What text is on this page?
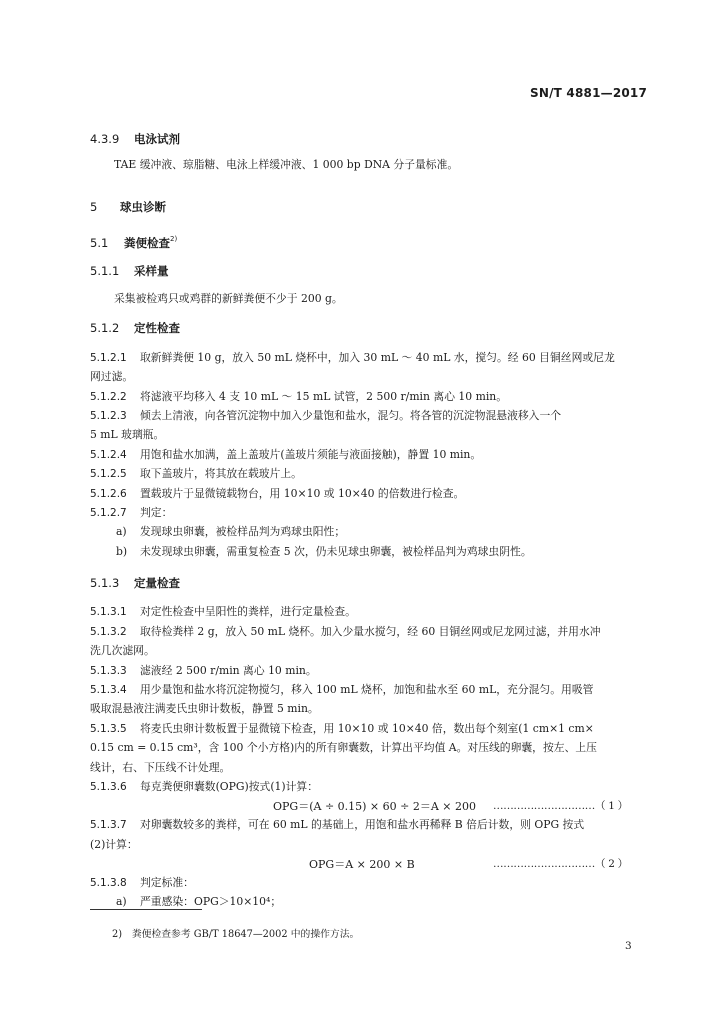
SN/T 4881—2017
4.3.9 电泳试剂
TAE 缓冲液、琼脂糖、电泳上样缓冲液、1 000 bp DNA 分子量标准。
5 球虫诊断
5.1 粪便检查$^{2)}$
5.1.1 采样量
采集被检鸡只或鸡群的新鲜粪便不少于 200 g。
5.1.2 定性检查
5.1.2.1 取新鲜粪便 10 g，放入 50 mL 烧杯中，加入 30 mL ～ 40 mL 水，搅匀。经 60 目铜丝网或尼龙
网过滤。
5.1.2.2 将滤液平均移入 4 支 10 mL ～ 15 mL 试管，2 500 r/min 离心 10 min。
5.1.2.3 倾去上清液，向各管沉淀物中加入少量饱和盐水，混匀。将各管的沉淀物混悬液移入一个
5 mL 玻璃瓶。
5.1.2.4 用饱和盐水加满，盖上盖玻片(盖玻片须能与液面接触)，静置 10 min。
5.1.2.5 取下盖玻片，将其放在载玻片上。
5.1.2.6 置载玻片于显微镜载物台，用 10×10 或 10×40 的倍数进行检查。
5.1.2.7 判定：
a) 发现球虫卵囊，被检样品判为鸡球虫阳性；
b) 未发现球虫卵囊，需重复检查 5 次，仍未见球虫卵囊，被检样品判为鸡球虫阴性。
5.1.3 定量检查
5.1.3.1 对定性检查中呈阳性的粪样，进行定量检查。
5.1.3.2 取待检粪样 2 g，放入 50 mL 烧杯。加入少量水搅匀，经 60 目铜丝网或尼龙网过滤，并用水冲
洗几次滤网。
5.1.3.3 滤液经 2 500 r/min 离心 10 min。
5.1.3.4 用少量饱和盐水将沉淀物搅匀，移入 100 mL 烧杯，加饱和盐水至 60 mL，充分混匀。用吸管
吸取混悬液注满麦氏虫卵计数板，静置 5 min。
5.1.3.5 将麦氏虫卵计数板置于显微镜下检查，用 10×10 或 10×40 倍，数出每个刻室(1 cm×1 cm×
0.15 cm = 0.15 cm³，含 100 个小方格)内的所有卵囊数，计算出平均值 A。对压线的卵囊，按左、上压
线计，右、下压线不计处理。
5.1.3.6 每克粪便卵囊数(OPG)按式(1)计算：
OPG＝(A ÷ 0.15) × 60 ÷ 2＝A × 200 …………………………（ 1 ）
5.1.3.7 对卵囊数较多的粪样，可在 60 mL 的基础上，用饱和盐水再稀释 B 倍后计数，则 OPG 按式
(2)计算：
OPG＝A × 200 × B	…………………………（ 2 ）
5.1.3.8 判定标准：
a) 严重感染：OPG＞10×10⁴；
2)　粪便检查参考 GB/T 18647—2002 中的操作方法。
3
